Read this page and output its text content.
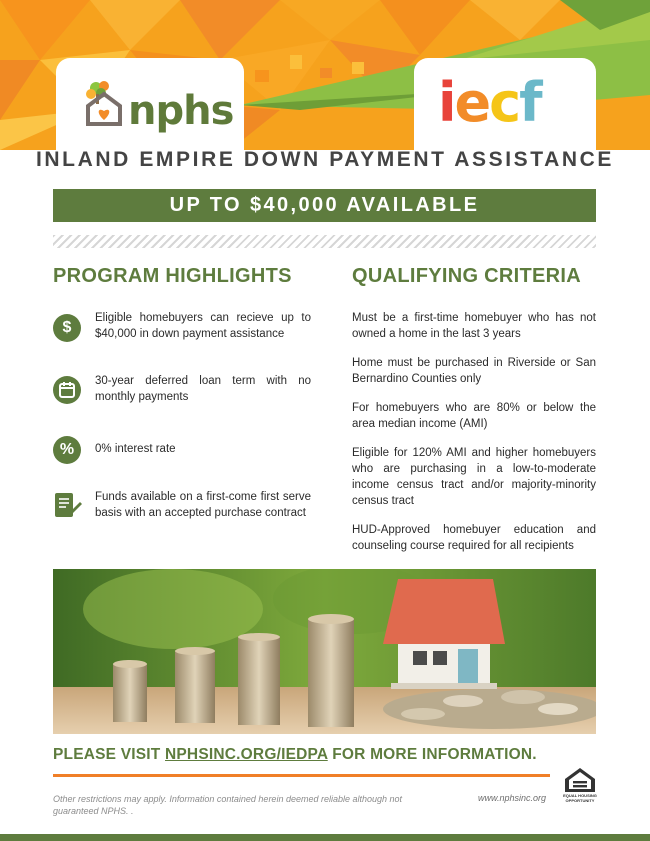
nphs	iecf
INLAND EMPIRE DOWN PAYMENT ASSISTANCE
UP TO $40,000 AVAILABLE
PROGRAM HIGHLIGHTS	QUALIFYING CRITERIA
$
Eligible homebuyers can recieve up to $40,000 in down payment assistance
30-year deferred loan term with no monthly payments
%	0% interest rate
Funds available on a first-come first serve basis with an accepted purchase contract
Must be a first-time homebuyer who has not owned a home in the last 3 years
Home must be purchased in Riverside or San Bernardino Counties only
For homebuyers who are 80% or below the area median income (AMI)
Eligible for 120% AMI and higher homebuyers who are purchasing in a low-to-moderate income census tract and/or majority-minority census tract
HUD-Approved homebuyer education and counseling course required for all recipients
PLEASE VISIT NPHSINC.ORG/IEDPA FOR MORE INFORMATION.
EQUAL HOUSING OPPORTUNITY
Other restrictions may apply. Information contained herein deemed reliable although not guaranteed NPHS. .
www.nphsinc.org
